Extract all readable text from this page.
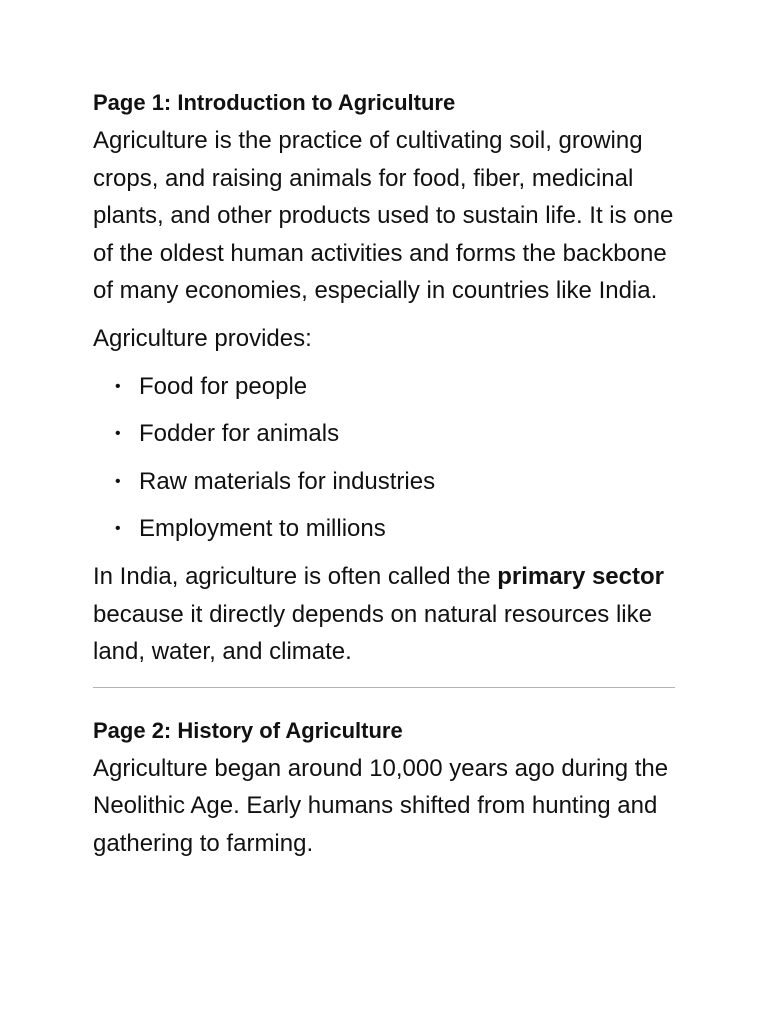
Page 1: Introduction to Agriculture

Agriculture is the practice of cultivating soil, growing crops, and raising animals for food, fiber, medicinal plants, and other products used to sustain life. It is one of the oldest human activities and forms the backbone of many economies, especially in countries like India.

Agriculture provides:

• Food for people
• Fodder for animals
• Raw materials for industries
• Employment to millions

In India, agriculture is often called the primary sector because it directly depends on natural resources like land, water, and climate.

Page 2: History of Agriculture

Agriculture began around 10,000 years ago during the Neolithic Age. Early humans shifted from hunting and gathering to farming.
